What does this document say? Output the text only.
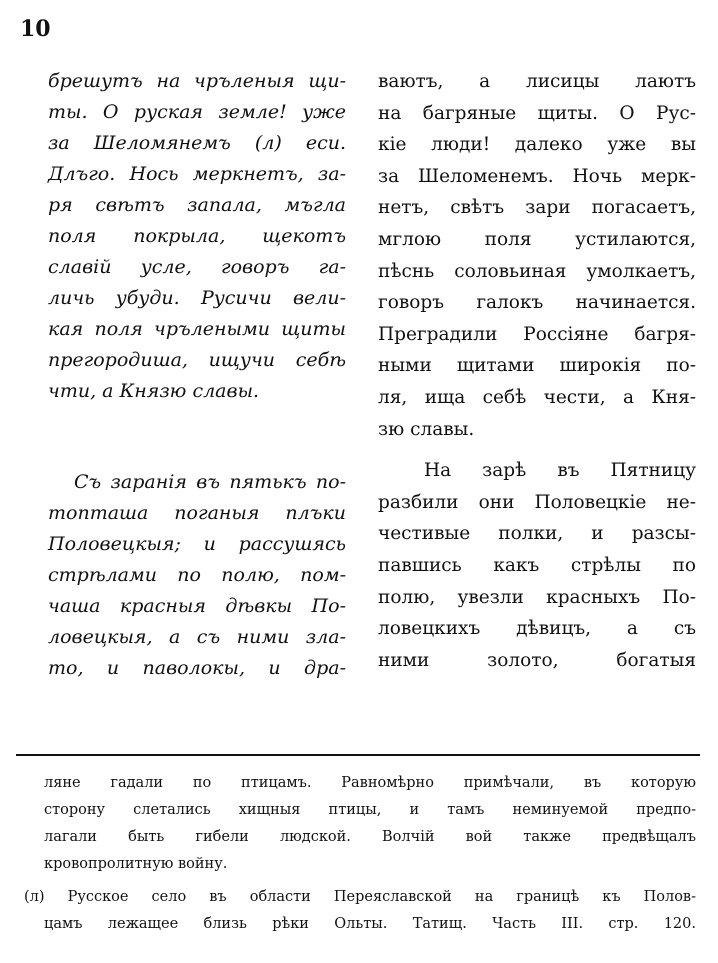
10
брешутъ на чръленыя щи-
ты. О руская земле! уже
за Шеломянемъ (л) еси.
Длъго. Нось меркнетъ, за-
ря свѣтъ запала, мъгла
поля покрыла, щекотъ
славій усле, говоръ га-
личь убуди. Русичи вели-
кая поля чрълеными щиты
прегородиша, ищучи себѣ
чти, а Князю славы.
Съ заранія въ пятькъ по-
топташа поганыя плъки
Половецкыя; и рассушясь
стрѣлами по полю, пом-
чаша красныя дѣвкы По-
ловецкыя, а съ ними зла-
то, и паволокы, и дра-
ваютъ, а лисицы лаютъ
на багряные щиты. О Рус-
кіе люди! далеко уже вы
за Шеломенемъ. Ночь мерк-
нетъ, свѣтъ зари погасаетъ,
мглою поля устилаются,
пѣснь соловьиная умолкаетъ,
говоръ галокъ начинается.
Преградили Россіяне багря-
ными щитами широкія по-
ля, ища себѣ чести, а Кня-
зю славы.
На зарѣ въ Пятницу
разбили они Половецкіе не-
честивые полки, и разсы-
павшись какъ стрѣлы по
полю, увезли красныхъ По-
ловецкихъ дѣвицъ, а съ
ними золото, богатыя
ляне гадали по птицамъ. Равномѣрно примѣчали, въ которую
сторону слетались хищныя птицы, и тамъ неминуемой предпо-
лагали быть гибели людской. Волчій вой также предвѣщалъ
кровопролитную войну.
(л) Русское село въ области Переяславской на границѣ къ Полов-
цамъ лежащее близь рѣки Ольты. Татищ. Часть III. стр. 120.
